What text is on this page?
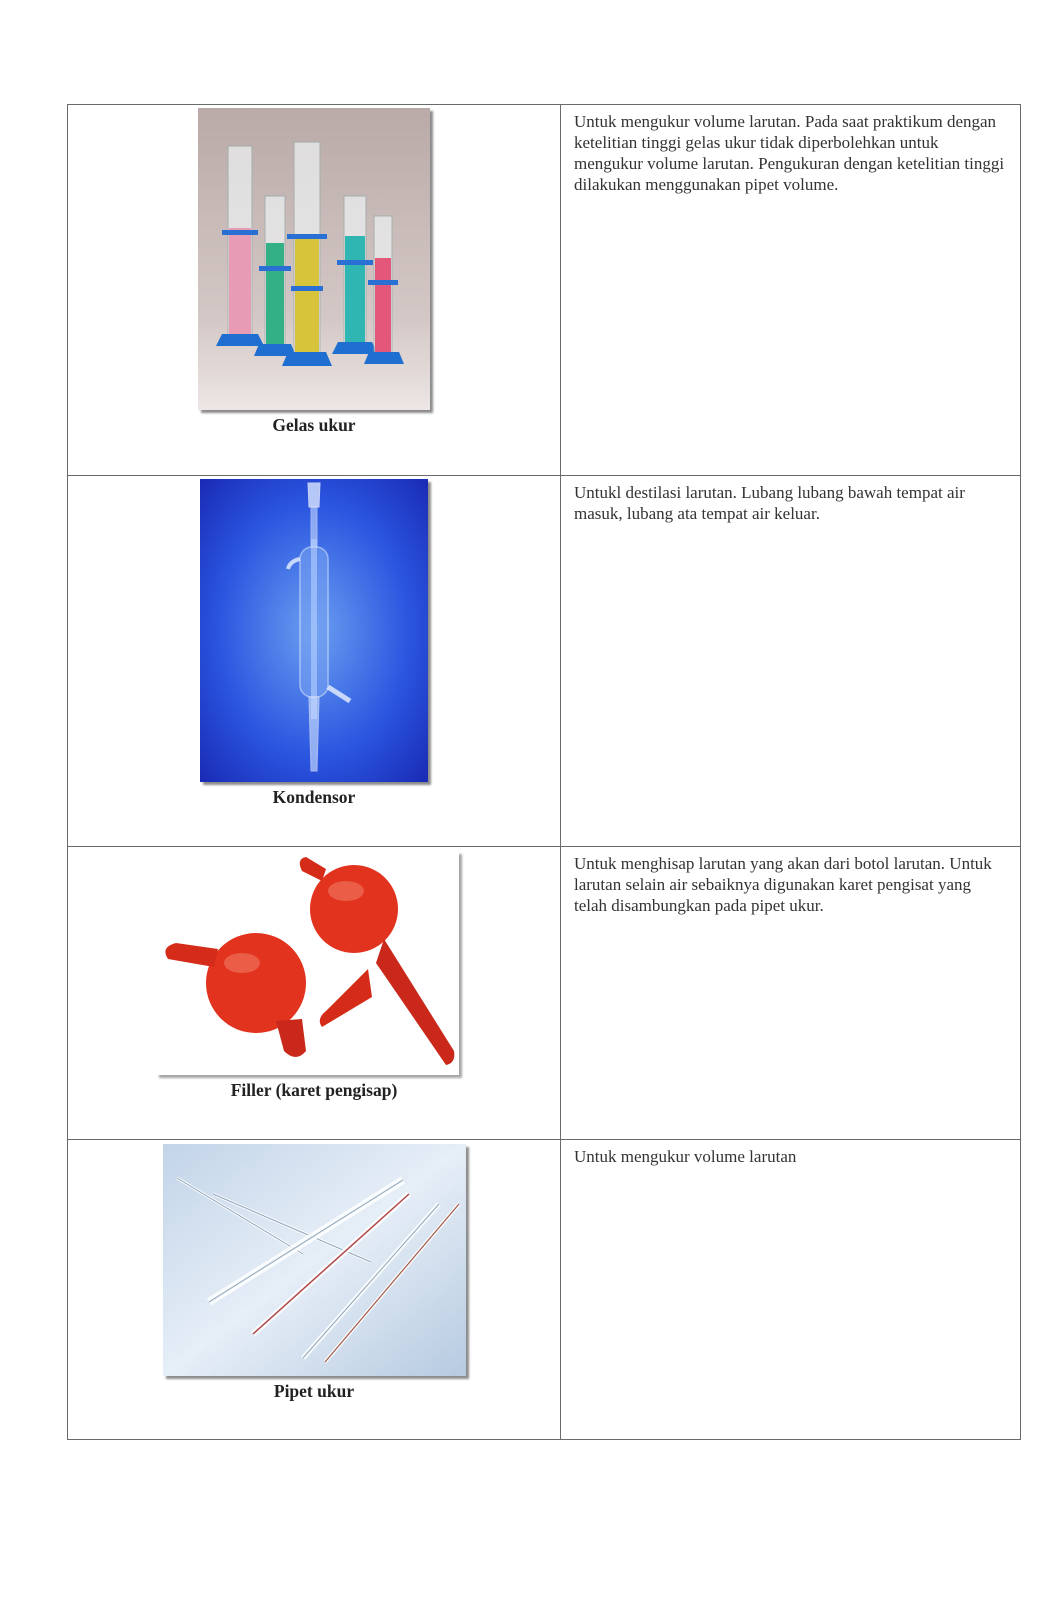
Gelas ukur	Untuk mengukur volume larutan. Pada saat praktikum dengan ketelitian tinggi gelas ukur tidak diperbolehkan untuk mengukur volume larutan. Pengukuran dengan ketelitian tinggi dilakukan menggunakan pipet volume.

Kondensor	Untukl destilasi larutan. Lubang lubang bawah tempat air masuk, lubang ata tempat air keluar.

Filler (karet pengisap)	Untuk menghisap larutan yang akan dari botol larutan. Untuk larutan selain air sebaiknya digunakan karet pengisat yang telah disambungkan pada pipet ukur.

Pipet ukur	Untuk mengukur volume larutan
